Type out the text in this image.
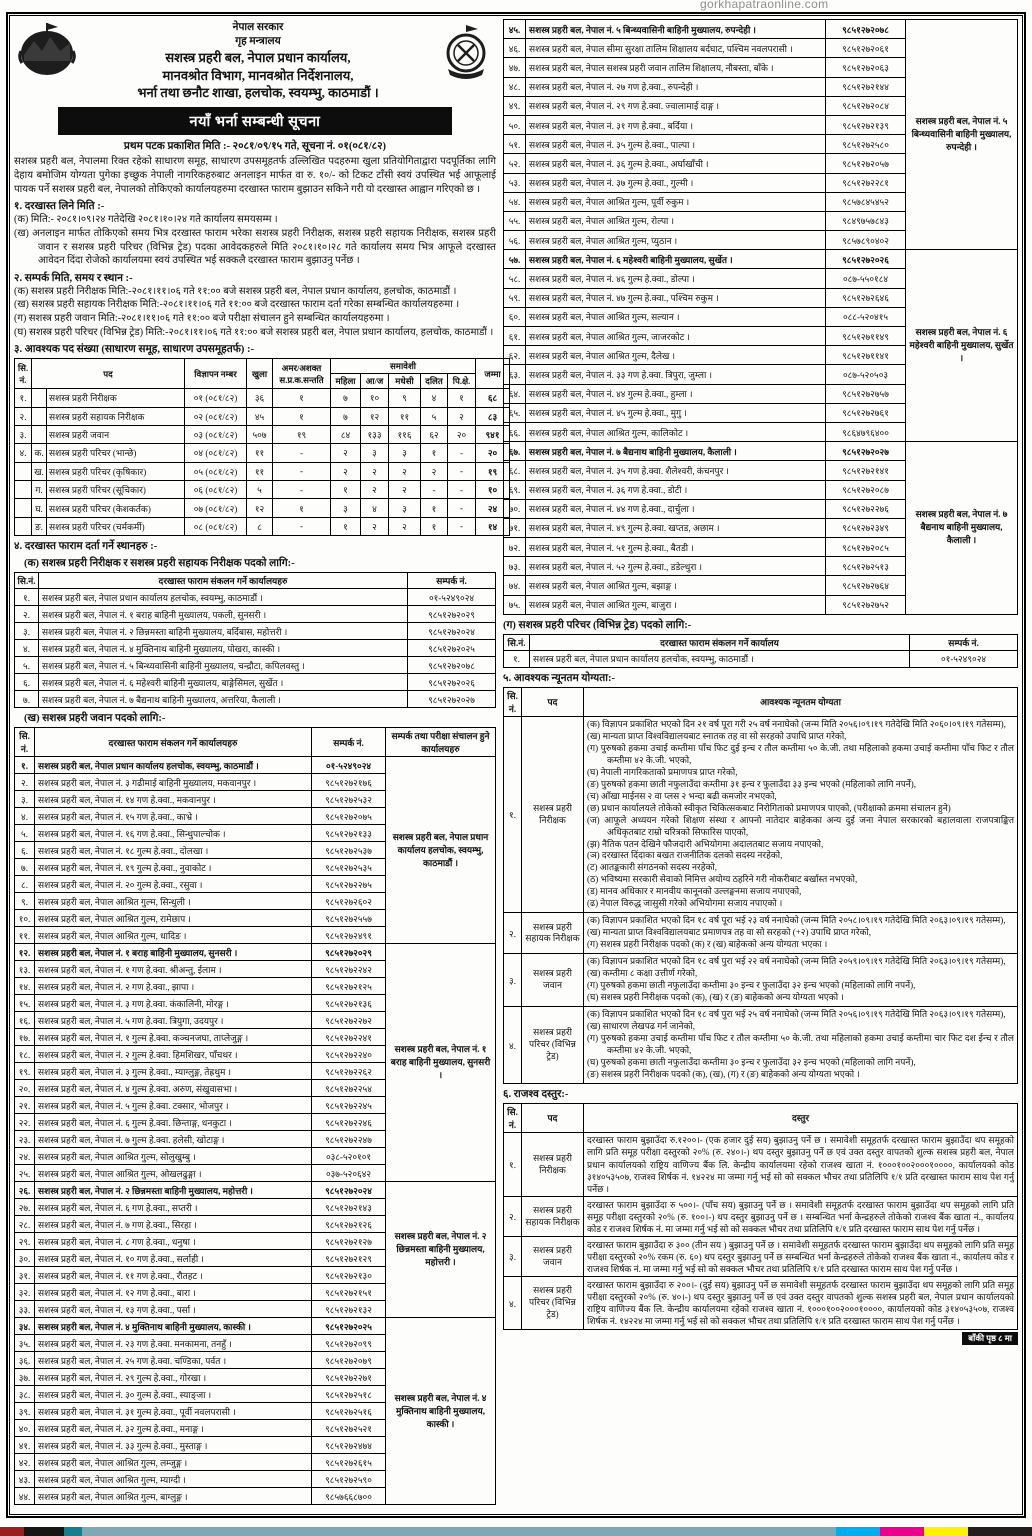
gorkhapatraonline.com
नेपाल सरकार
गृह मन्त्रालय
सशस्त्र प्रहरी बल, नेपाल प्रधान कार्यालय,
मानवश्रोत विभाग, मानवश्रोत निर्देशनालय,
भर्ना तथा छनौट शाखा, हलचोक, स्वयम्भु, काठमाडौं ।
नयाँ भर्ना सम्बन्धी सूचना
प्रथम पटक प्रकाशित मिति :- २०८१/०९/१५ गते, सूचना नं. ०१(०८१/८२)
सशस्त्र प्रहरी बल, नेपालमा रिक्त रहेको साधारण समूह, साधारण उपसमूहतर्फ उल्लिखित पदहरुमा खुला प्रतियोगिताद्वारा पदपूर्तिका लागि देहाय बमोजिम योग्यता पुगेका इच्छुक नेपाली नागरिकहरुबाट अनलाइन मार्फत वा रु. १०/- को टिकट टाँसी स्वयं उपस्थित भई आफूलाई पायक पर्ने सशस्त्र प्रहरी बल, नेपालको तोकिएको कार्यालयहरुमा दरखास्त फाराम बुझाउन सकिने गरी यो दरखास्त आह्वान गरिएको छ ।
१. दरखास्त लिने मिति :-
(क) मिति:- २०८१।०९।२४ गतेदेखि २०८१।१०।२४ गते कार्यालय समयसम्म ।
(ख) अनलाइन मार्फत तोकिएको समय भित्र दरखास्त फाराम भरेका सशस्त्र प्रहरी निरीक्षक, सशस्त्र प्रहरी सहायक निरीक्षक, सशस्त्र प्रहरी जवान र सशस्त्र प्रहरी परिचर (विभिन्न ट्रेड) पदका आवेदकहरुले मिति २०८१।१०।२८ गते कार्यालय समय भित्र आफूले दरखास्त आवेदन दिंदा रोजेको कार्यालयमा स्वयं उपस्थित भई सक्कलै दरखास्त फाराम बुझाउनु पर्नेछ ।
२. सम्पर्क मिति, समय र स्थान :-
(क) सशस्त्र प्रहरी निरीक्षक मिति:-२०८१।११।०६ गते ११:०० बजे सशस्त्र प्रहरी बल, नेपाल प्रधान कार्यालय, हलचोक, काठमाडौं ।
(ख) सशस्त्र प्रहरी सहायक निरीक्षक मिति:-२०८१।११।०६ गते ११:०० बजे दरखास्त फाराम दर्ता गरेका सम्बन्धित कार्यालयहरुमा ।
(ग) सशस्त्र प्रहरी जवान मिति:-२०८१।११।०६ गते ११:०० बजे परीक्षा संचालन हुने सम्बन्धित कार्यालयहरुमा ।
(घ) सशस्त्र प्रहरी परिचर (विभिन्न ट्रेड) मिति:-२०८१।११।०६ गते ११:०० बजे सशस्त्र प्रहरी बल, नेपाल प्रधान कार्यालय, हलचोक, काठमाडौं ।
३. आवश्यक पद संख्या (साधारण समूह, साधारण उपसमूहतर्फ) :-
सि.नं.	पद		विज्ञापन नम्बर	खुला	अमर/अशक्त
स.प्र.क.सन्तति	समावेशी					जम्मा
						महिला	आ/ज	मधेसी	दलित	पि.क्षे.	
१.		सशस्त्र प्रहरी निरीक्षक	०१ (०८१/८२)	३६	१	७	१०	९	४	१	६८
२.		सशस्त्र प्रहरी सहायक निरीक्षक	०२ (०८१/८२)	४५	१	७	१२	११	५	२	८३
३.		सशस्त्र प्रहरी जवान	०३ (०८१/८२)	५०७	१९	८४	१३३	११६	६२	२०	९४१
४.	क.	सशस्त्र प्रहरी परिचर (भान्छे)	०४ (०८१/८२)	११	-	२	३	३	१	-	२०
	ख.	सशस्त्र प्रहरी परिचर (कृषिकार)	०५ (०८१/८२)	११	-	२	२	२	२	-	१९
	ग.	सशस्त्र प्रहरी परिचर (सूचिकार)	०६ (०८१/८२)	५	-	१	२	२	-	-	१०
	घ.	सशस्त्र प्रहरी परिचर (केशकर्तक)	०७ (०८१/८२)	१२	१	३	४	३	१	-	२४
	ङ.	सशस्त्र प्रहरी परिचर (चर्मकर्मी)	०८ (०८१/८२)	८	-	१	२	२	१	-	१४
४. दरखास्त फाराम दर्ता गर्ने स्थानहरु :-
(क) सशस्त्र प्रहरी निरीक्षक र सशस्त्र प्रहरी सहायक निरीक्षक पदको लागि:-
सि.नं.	दरखास्त फाराम संकलन गर्ने कार्यालयहरु	सम्पर्क नं.
१.	सशस्त्र प्रहरी बल, नेपाल प्रधान कार्यालय हलचोक, स्वयम्भु, काठमाडौं ।	०१-५२४९०२४
२.	सशस्त्र प्रहरी बल, नेपाल नं. १ बराह बाहिनी मुख्यालय, पकली, सुनसरी ।	९८५१२७२०२९
३.	सशस्त्र प्रहरी बल, नेपाल नं. २ छिन्नमस्ता बाहिनी मुख्यालय, बर्दिबास, महोत्तरी ।	९८५१२७२०२४
४.	सशस्त्र प्रहरी बल, नेपाल नं. ४ मुक्तिनाथ बाहिनी मुख्यालय, पोखरा, कास्की ।	९८५१२७२०२५
५.	सशस्त्र प्रहरी बल, नेपाल नं. ५ बिन्ध्यवासिनी बाहिनी मुख्यालय, चन्द्रौटा, कपिलवस्तु ।	९८५१२७२०७८
६.	सशस्त्र प्रहरी बल, नेपाल नं. ६ महेश्वरी बाहिनी मुख्यालय, बाङ्गेसिमल, सुर्खेत ।	९८५१२७२०२६
७.	सशस्त्र प्रहरी बल, नेपाल नं. ७ बैद्यनाथ बाहिनी मुख्यालय, अत्तरिया, कैलाली ।	९८५१२७२०२७
(ख) सशस्त्र प्रहरी जवान पदको लागि:-
सि.नं.	दरखास्त फाराम संकलन गर्ने कार्यालयहरु	सम्पर्क नं.	सम्पर्क तथा परीक्षा संचालन हुने कार्यालयहरु
१.	सशस्त्र प्रहरी बल, नेपाल प्रधान कार्यालय हलचोक, स्वयम्भु, काठमाडौं ।	०१-५२४९०२४	सशस्त्र प्रहरी बल, नेपाल प्रधान कार्यालय हलचोक, स्वयम्भु, काठमाडौं ।
२.	सशस्त्र प्रहरी बल, नेपाल नं. ३ गढीमाई बाहिनी मुख्यालय, मकवानपुर ।	९८५१२७२१७६	
३.	सशस्त्र प्रहरी बल, नेपाल नं. १४ गण हे.क्वा., मकवानपुर ।	९८५१२७२५३२	
४.	सशस्त्र प्रहरी बल, नेपाल नं. १५ गण हे.क्वा., काभ्रे ।	९८५१२७२०७५	
५.	सशस्त्र प्रहरी बल, नेपाल नं. १६ गण हे.क्वा., सिन्धुपाल्चोक ।	९८५१२७२१३३	
६.	सशस्त्र प्रहरी बल, नेपाल नं. १८ गुल्म हे.क्वा., दोलखा ।	९८५१२७२५३७	
७.	सशस्त्र प्रहरी बल, नेपाल नं. १९ गुल्म हे.क्वा., नुवाकोट ।	९८५१२७२५३५	
८.	सशस्त्र प्रहरी बल, नेपाल नं. २० गुल्म हे.क्वा., रसुवा ।	९८५१२७२२७५	
९.	सशस्त्र प्रहरी बल, नेपाल आश्रित गुल्म, सिन्धुली ।	९८५१२७२६०२	
१०.	सशस्त्र प्रहरी बल, नेपाल आश्रित गुल्म, रामेछाप ।	९८५१२७२५५७	
११.	सशस्त्र प्रहरी बल, नेपाल आश्रित गुल्म, धादिङ ।	९८५१२७२४९१	
१२.	सशस्त्र प्रहरी बल, नेपाल नं. १ बराह बाहिनी मुख्यालय, सुनसरी ।	९८५१२७२०२९	सशस्त्र प्रहरी बल, नेपाल नं. १ बराह बाहिनी मुख्यालय, सुनसरी ।
१३.	सशस्त्र प्रहरी बल, नेपाल नं. १ गण हे.क्वा. श्रीअन्तु, ईलाम ।	९८५१२७२२४२	
१४.	सशस्त्र प्रहरी बल, नेपाल नं. २ गण हे.क्वा., झापा ।	९८५१२७२१२५	
१५.	सशस्त्र प्रहरी बल, नेपाल नं. ३ गण हे.क्वा. कंकालिनी, मोरङ्ग ।	९८५१२७२१३६	
१६.	सशस्त्र प्रहरी बल, नेपाल नं. ५ गण हे.क्वा. त्रियुगा, उदयपुर ।	९८५१२७२२७२	
१७.	सशस्त्र प्रहरी बल, नेपाल नं. १ गुल्म हे.क्वा. कञ्चनजघा, ताप्लेजुङ्ग ।	९८५१२७२२४१	
१८.	सशस्त्र प्रहरी बल, नेपाल नं. २ गुल्म हे.क्वा. हिमशिखर, पाँचथर ।	९८५१२७२२४०	
१९.	सशस्त्र प्रहरी बल, नेपाल नं. ३ गुल्म हे.क्वा., म्याग्लुङ्ग, तेह्रथुम ।	९८५१२७२२६२	
२०.	सशस्त्र प्रहरी बल, नेपाल नं. ४ गुल्म हे.क्वा. अरुण, संखुवासभा ।	९८५१२७२२५४	
२१.	सशस्त्र प्रहरी बल, नेपाल नं. ५ गुल्म हे.क्वा. टक्सार, भोजपुर ।	९८५१२७२२४५	
२२.	सशस्त्र प्रहरी बल, नेपाल नं. ६ गुल्म हे.क्वा. छिन्ताङ्ग, धनकुटा ।	९८५१२७२२४६	
२३.	सशस्त्र प्रहरी बल, नेपाल नं. ७ गुल्म हे.क्वा. हलेसी, खोटाङ्ग ।	९८५१२७२२४७	
२४.	सशस्त्र प्रहरी बल, नेपाल आश्रित गुल्म, सोलुखुम्बु ।	०३८-५२०१०१	
२५.	सशस्त्र प्रहरी बल, नेपाल आश्रित गुल्म, ओखलढुङ्गा ।	०३७-५२०६४२	
२६.	सशस्त्र प्रहरी बल, नेपाल नं. २ छिन्नमस्ता बाहिनी मुख्यालय, महोत्तरी ।	९८५१२७२०२४	सशस्त्र प्रहरी बल, नेपाल नं. २ छिन्नमस्ता बाहिनी मुख्यालय, महोत्तरी ।
२७.	सशस्त्र प्रहरी बल, नेपाल नं. ६ गण हे.क्वा., सप्तरी ।	९८५१२७२१४३	
२८.	सशस्त्र प्रहरी बल, नेपाल नं. ७ गण हे.क्वा., सिरहा ।	९८५१२७२१२६	
२९.	सशस्त्र प्रहरी बल, नेपाल नं. ८ गण हे.क्वा., धनुषा ।	९८५१२७२१२७	
३०.	सशस्त्र प्रहरी बल, नेपाल नं. १० गण हे.क्वा., सर्लाही ।	९८५१२७२१२९	
३१.	सशस्त्र प्रहरी बल, नेपाल नं. ११ गण हे.क्वा., रौतहट ।	९८५१२७२१३०	
३२.	सशस्त्र प्रहरी बल, नेपाल नं. १२ गण हे.क्वा., बारा ।	९८५१२७२१५१	
३३.	सशस्त्र प्रहरी बल, नेपाल नं. १३ गण हे.क्वा., पर्सा ।	९८५१२७२१३२	
३४.	सशस्त्र प्रहरी बल, नेपाल नं. ४ मुक्तिनाथ बाहिनी मुख्यालय, कास्की ।	९८५१२७२०२५	सशस्त्र प्रहरी बल, नेपाल नं. ४ मुक्तिनाथ बाहिनी मुख्यालय, कास्की ।
३५.	सशस्त्र प्रहरी बल, नेपाल नं. २३ गण हे.क्वा. मनकामना, तनहुँ ।	९८५१२७२०९९	
३६.	सशस्त्र प्रहरी बल, नेपाल नं. २५ गण हे.क्वा. चण्डिका, पर्वत ।	९८५१२७२०७९	
३७.	सशस्त्र प्रहरी बल, नेपाल नं. २९ गुल्म हे.क्वा., गोरखा ।	९८५१२७२२७१	
३८.	सशस्त्र प्रहरी बल, नेपाल नं. ३० गुल्म हे.क्वा., स्याङ्जा ।	९८५१२७२५१८	
३९.	सशस्त्र प्रहरी बल, नेपाल नं. ३१ गुल्म हे.क्वा., पूर्वी नवलपरासी ।	९८५१२७२५१६	
४०.	सशस्त्र प्रहरी बल, नेपाल नं. ३२ गुल्म हे.क्वा., मनाङ्ग ।	९८५१२७२५२१	
४१.	सशस्त्र प्रहरी बल, नेपाल नं. ३३ गुल्म हे.क्वा., मुस्ताङ्ग ।	९८५१२७२४७४	
४२.	सशस्त्र प्रहरी बल, नेपाल आश्रित गुल्म, लम्जुङ्ग ।	९८५१२७२६१५	
४३.	सशस्त्र प्रहरी बल, नेपाल आश्रित गुल्म, म्याग्दी ।	९८५१२७२५९०	
४४.	सशस्त्र प्रहरी बल, नेपाल आश्रित गुल्म, बाग्लुङ्ग ।	९८५७६६८७००	
४५.	सशस्त्र प्रहरी बल, नेपाल नं. ५ बिन्ध्यवासिनी बाहिनी मुख्यालय, रुपन्देही ।	९८५१२७२०७८	सशस्त्र प्रहरी बल, नेपाल नं. ५ बिन्ध्यवासिनी बाहिनी मुख्यालय, रुपन्देही ।
४६.	सशस्त्र प्रहरी बल, नेपाल सीमा सुरक्षा तालिम शिक्षालय बर्दघाट, पश्चिम नवलपरासी ।	९८५१२७२०६१	
४७.	सशस्त्र प्रहरी बल, नेपाल सशस्त्र प्रहरी जवान तालिम शिक्षालय, नौबस्ता, बाँके ।	९८५१२७२०६३	
४८.	सशस्त्र प्रहरी बल, नेपाल नं. २७ गण हे.क्वा., रुपन्देही ।	९८५१२७२१४४	
४९.	सशस्त्र प्रहरी बल, नेपाल नं. २९ गण हे.क्वा. ज्वालामाई दाङ्ग ।	९८५१२७२०८४	
५०.	सशस्त्र प्रहरी बल, नेपाल नं. ३१ गण हे.क्वा., बर्दिया ।	९८५१२७२१३९	
५१.	सशस्त्र प्रहरी बल, नेपाल नं. ३५ गुल्म हे.क्वा., पाल्पा ।	९८५१२७२५८०	
५२.	सशस्त्र प्रहरी बल, नेपाल नं. ३६ गुल्म हे.क्वा., अर्घाखाँची ।	९८५१२७२०५७	
५३.	सशस्त्र प्रहरी बल, नेपाल नं. ३७ गुल्म हे.क्वा., गुल्मी ।	९८५१२७२२८१	
५४.	सशस्त्र प्रहरी बल, नेपाल आश्रित गुल्म, पूर्वी रुकुम ।	९८५७८४५४५२	
५५.	सशस्त्र प्रहरी बल, नेपाल आश्रित गुल्म, रोल्पा ।	९८४९७५७८४३	
५६.	सशस्त्र प्रहरी बल, नेपाल आश्रित गुल्म, प्युठान ।	९८५७८९०४०२	
५७.	सशस्त्र प्रहरी बल, नेपाल नं. ६ महेश्वरी बाहिनी मुख्यालय, सुर्खेत ।	९८५१२७२०२६	सशस्त्र प्रहरी बल, नेपाल नं. ६ महेश्वरी बाहिनी मुख्यालय, सुर्खेत ।
५८.	सशस्त्र प्रहरी बल, नेपाल नं. ४६ गुल्म हे.क्वा., डोल्पा ।	०८७-५५०१८४	
५९.	सशस्त्र प्रहरी बल, नेपाल नं. ४७ गुल्म हे.क्वा., पश्चिम रुकुम ।	९८५१२७२६४६	
६०.	सशस्त्र प्रहरी बल, नेपाल आश्रित गुल्म, सल्यान ।	०८८-५२०४१५	
६१.	सशस्त्र प्रहरी बल, नेपाल आश्रित गुल्म, जाजरकोट ।	९८५१२७११४९	
६२.	सशस्त्र प्रहरी बल, नेपाल आश्रित गुल्म, दैलेख ।	९८५१२७११४१	
६३.	सशस्त्र प्रहरी बल, नेपाल नं. ३३ गण हे.क्वा. त्रिपुरा, जुम्ला ।	०८७-५२०५०३	
६४.	सशस्त्र प्रहरी बल, नेपाल नं. ४४ गुल्म हे.क्वा., हुम्ला ।	९८५१२७२७५७	
६५.	सशस्त्र प्रहरी बल, नेपाल नं. ४५ गुल्म हे.क्वा., मुगु ।	९८५१२७२७६१	
६६.	सशस्त्र प्रहरी बल, नेपाल आश्रित गुल्म, कालिकोट ।	९८६४७९६४००	
६७.	सशस्त्र प्रहरी बल, नेपाल नं. ७ बैद्यनाथ बाहिनी मुख्यालय, कैलाली ।	९८५१२७२०२७	सशस्त्र प्रहरी बल, नेपाल नं. ७ बैद्यनाथ बाहिनी मुख्यालय, कैलाली ।
६८.	सशस्त्र प्रहरी बल, नेपाल नं. ३५ गण हे.क्वा. शैलेश्वरी, कंचनपुर ।	९८५१२७२१४१	
६९.	सशस्त्र प्रहरी बल, नेपाल नं. ३६ गण हे.क्वा., डोटी ।	९८५१२७२०८७	
७०.	सशस्त्र प्रहरी बल, नेपाल नं. ४४ गण हे.क्वा., दार्चुला ।	९८५१२७२२७६	
७१.	सशस्त्र प्रहरी बल, नेपाल नं. ४९ गुल्म हे.क्वा. खप्तड, अछाम ।	९८५१२७२३४९	
७२.	सशस्त्र प्रहरी बल, नेपाल नं. ५१ गुल्म हे.क्वा., बैतडी ।	९८५१२७२०८५	
७३.	सशस्त्र प्रहरी बल, नेपाल नं. ५२ गुल्म हे.क्वा., डडेल्धुरा ।	९८५१२७२५१३	
७४.	सशस्त्र प्रहरी बल, नेपाल आश्रित गुल्म, बझाङ्ग ।	९८५१२७२७६४	
७५.	सशस्त्र प्रहरी बल, नेपाल आश्रित गुल्म, बाजुरा ।	९८५१२७२७५२	
(ग) सशस्त्र प्रहरी परिचर (विभिन्न ट्रेड) पदको लागि:-
सि.नं.	दरखास्त फाराम संकलन गर्ने कार्यालय	सम्पर्क नं.
१.	सशस्त्र प्रहरी बल, नेपाल प्रधान कार्यालय हलचोक, स्वयम्भु, काठमाडौं ।	०१-५२४९०२४
५. आवश्यक न्यूनतम योग्यता:-
सि.नं.	पद	आवश्यक न्यूनतम योग्यता
१.	सशस्त्र प्रहरी निरीक्षक	
(क) विज्ञापन प्रकाशित भएको दिन २१ वर्ष पूरा गरी २५ वर्ष ननाघेको (जन्म मिति २०५६।०९।१९ गतेदेखि मिति २०६०।०९।१९ गतेसम्म),
(ख) मान्यता प्राप्त विश्वविद्यालयबाट स्नातक तह वा सो सरहको उपाधि प्राप्त गरेको,
(ग) पुरुषको हकमा उचाई कम्तीमा पाँच फिट दुई इन्च र तौल कम्तीमा ५० के.जी. तथा महिलाको हकमा उचाई कम्तीमा पाँच फिट र तौल कम्तीमा ४२ के.जी. भएको,
(घ) नेपाली नागरिकताको प्रमाणपत्र प्राप्त गरेको,
(ङ) पुरुषको हकमा छाती नफुलाउँदा कम्तीमा ३१ इन्च र फुलाउँदा ३३ इन्च भएको (महिलाको लागि नपर्ने),
(च) आँखा माईनस २ वा प्लस २ भन्दा बढी कमजोर नभएको,
(छ) प्रधान कार्यालयले तोकेको स्वीकृत चिकित्सकबाट निरोगिताको प्रमाणपत्र पाएको, (परीक्षाको क्रममा संचालन हुने)
(ज) आफूले अध्ययन गरेको शिक्षण संस्था र आफ्नो नातेदार बाहेकका अन्य दुई जना नेपाल सरकारको बहालवाला राजपत्राङ्कित अधिकृतबाट राम्रो चरित्रको सिफारिस पाएको,
(झ) नैतिक पतन देखिने फौजदारी अभियोगमा अदालतबाट सजाय नपाएको,
(ञ) दरखास्त दिंदाका बखत राजनीतिक दलको सदस्य नरहेको,
(ट) आतङ्ककारी संगठनको सदस्य नरहेको,
(ठ) भविष्यमा सरकारी सेवाको निमित्त अयोग्य ठहरिने गरी नोकरीबाट बर्खास्त नभएको,
(ड) मानव अधिकार र मानवीय कानूनको उल्लङ्घनमा सजाय नपाएको,
(ढ) नेपाल विरुद्ध जासुसी गरेको अभियोगमा सजाय नपाएको ।

२.	सशस्त्र प्रहरी सहायक निरीक्षक	(क) विज्ञापन प्रकाशित भएको दिन १८ वर्ष पूरा भई २३ वर्ष ननाघेको (जन्म मिति २०५८।०९।१९ गतेदेखि मिति २०६३।०९।१९ गतेसम्म),
(ख) मान्यता प्राप्त विश्वविद्यालयबाट प्रमाणपत्र तह वा सो सरहको (+२) उपाधि प्राप्त गरेको,
(ग) सशस्त्र प्रहरी निरीक्षक पदको (क) र (ख) बाहेकको अन्य योग्यता भएका ।

३.	सशस्त्र प्रहरी जवान	(क) विज्ञापन प्रकाशित भएको दिन १८ वर्ष पुरा भई २२ वर्ष ननाघेको (जन्म मिति २०५९।०९।१९ गतेदेखि मिति २०६३।०९।१९ गतेसम्म),
(ख) कम्तीमा ८ कक्षा उत्तीर्ण गरेको,
(ग) पुरुषको हकमा छाती नफुलाउँदा कम्तीमा ३० इन्च र फुलाउँदा ३२ इन्च भएको (महिलाको लागि नपर्ने),
(घ) सशस्त्र प्रहरी निरीक्षक पदको (क), (ख) र (ङ) बाहेकको अन्य योग्यता भएको ।

४.	सशस्त्र प्रहरी परिचर (विभिन्न ट्रेड)	(क) विज्ञापन प्रकाशित भएको दिन १८ वर्ष पुरा भई २५ वर्ष ननाघेको (जन्म मिति २०५६।०९।१९ गतेदेखि मिति २०६३।०९।१९ गतेसम्म),
(ख) साधारण लेखपढ गर्न जानेको,
(ग) पुरुषको हकमा उचाई कम्तीमा पाँच फिट र तौल कम्तीमा ५० के.जी. तथा महिलाको हकमा उचाई कम्तीमा चार फिट दश ईन्च र तौल कम्तीमा ४२ के.जी. भएको,
(घ) पुरुषको हकमा छाती नफुलाउँदा कम्तीमा ३० इन्च र फुलाउँदा ३२ इन्च भएको (महिलाको लागि नपर्ने),
(ङ) सशस्त्र प्रहरी निरीक्षक पदको (क), (ख), (ग) र (ङ) बाहेकको अन्य योग्यता भएको ।
६. राजश्व दस्तुर:-
सि.नं.	पद	दस्तुर
१.	सशस्त्र प्रहरी निरीक्षक	दरखास्त फाराम बुझाउँदा रु.१२००।- (एक हजार दुई सय) बुझाउनु पर्ने छ । समावेशी समूहतर्फ दरखास्त फाराम बुझाउँदा थप समूहको लागि प्रति समूह परीक्षा दस्तुरको २०% (रु. २४०।-) थप दस्तुर बुझाउनु पर्ने छ एवं उक्त दस्तुर वापतको शुल्क सशस्त्र प्रहरी बल, नेपाल प्रधान कार्यालयको राष्ट्रिय वाणिज्य बैंक लि. केन्द्रीय कार्यालयमा रहेको राजश्व खाता नं. १०००१००२०००१००००, कार्यालयको कोड ३१४०५३५०७, राजश्व शिर्षक नं. १४२२४ मा जम्मा गर्नु भई सो को सक्कल भौचर तथा प्रतिलिपि १/१ प्रति दरखास्त फाराम साथ पेश गर्नु पर्नेछ ।
२.	सशस्त्र प्रहरी सहायक निरीक्षक	दरखास्त फाराम बुझाउँदा रु ५००।- (पाँच सय) बुझाउनु पर्ने छ । समावेशी समूहतर्फ दरखास्त फाराम बुझाउँदा थप समूहको लागि प्रति समूह परीक्षा दस्तुरको २०% (रु. १००।-) थप दस्तुर बुझाउनु पर्ने छ । सम्बन्धित भर्ना केन्द्रहरुले तोकेको राजश्व बैंक खाता नं., कार्यालय कोड र राजश्व शिर्षक नं. मा जम्मा गर्नु भई सो को सक्कल भौचर तथा प्रतिलिपि १/१ प्रति दरखास्त फाराम साथ पेश गर्नु पर्नेछ ।
३.	सशस्त्र प्रहरी जवान	दरखास्त फाराम बुझाउँदा रु ३०० (तीन सय ) बुझाउनु पर्ने छ । समावेशी समूहतर्फ दरखास्त फाराम बुझाउँदा थप समूहको लागि प्रति समूह परीक्षा दस्तुरको २०% रकम (रु. ६०) थप दस्तुर बुझाउनु पर्ने छ सम्बन्धित भर्ना केन्द्रहरुले तोकेको राजश्व बैंक खाता नं., कार्यालय कोड र राजश्व शिर्षक नं. मा जम्मा गर्नु भई सो को सक्कल भौचर तथा प्रतिलिपि १/१ प्रति दरखास्त फाराम साथ पेश गर्नु पर्नेछ ।
४.	सशस्त्र प्रहरी परिचर (विभिन्न ट्रेड)	दरखास्त फाराम बुझाउँदा रु २००।- (दुई सय) बुझाउनु पर्ने छ समावेशी समूहतर्फ दरखास्त फाराम बुझाउँदा थप समूहको लागि प्रति समूह परीक्षा दस्तुरको २०% (रु. ४०।-) थप दस्तुर बुझाउनु पर्ने छ एवं उक्त दस्तुर वापतको शुल्क सशस्त्र प्रहरी बल, नेपाल प्रधान कार्यालयको राष्ट्रिय वाणिज्य बैंक लि. केन्द्रीय कार्यालयमा रहेको राजश्व खाता नं. १०००१००२०००१००००, कार्यालयको कोड ३१४०५३५०७, राजश्व शिर्षक नं. १४२२४ मा जम्मा गर्नु भई सो को सक्कल भौचर तथा प्रतिलिपि १/१ प्रति दरखास्त फाराम साथ पेश गर्नु पर्नेछ ।
बाँकी पृष्ठ ८ मा
